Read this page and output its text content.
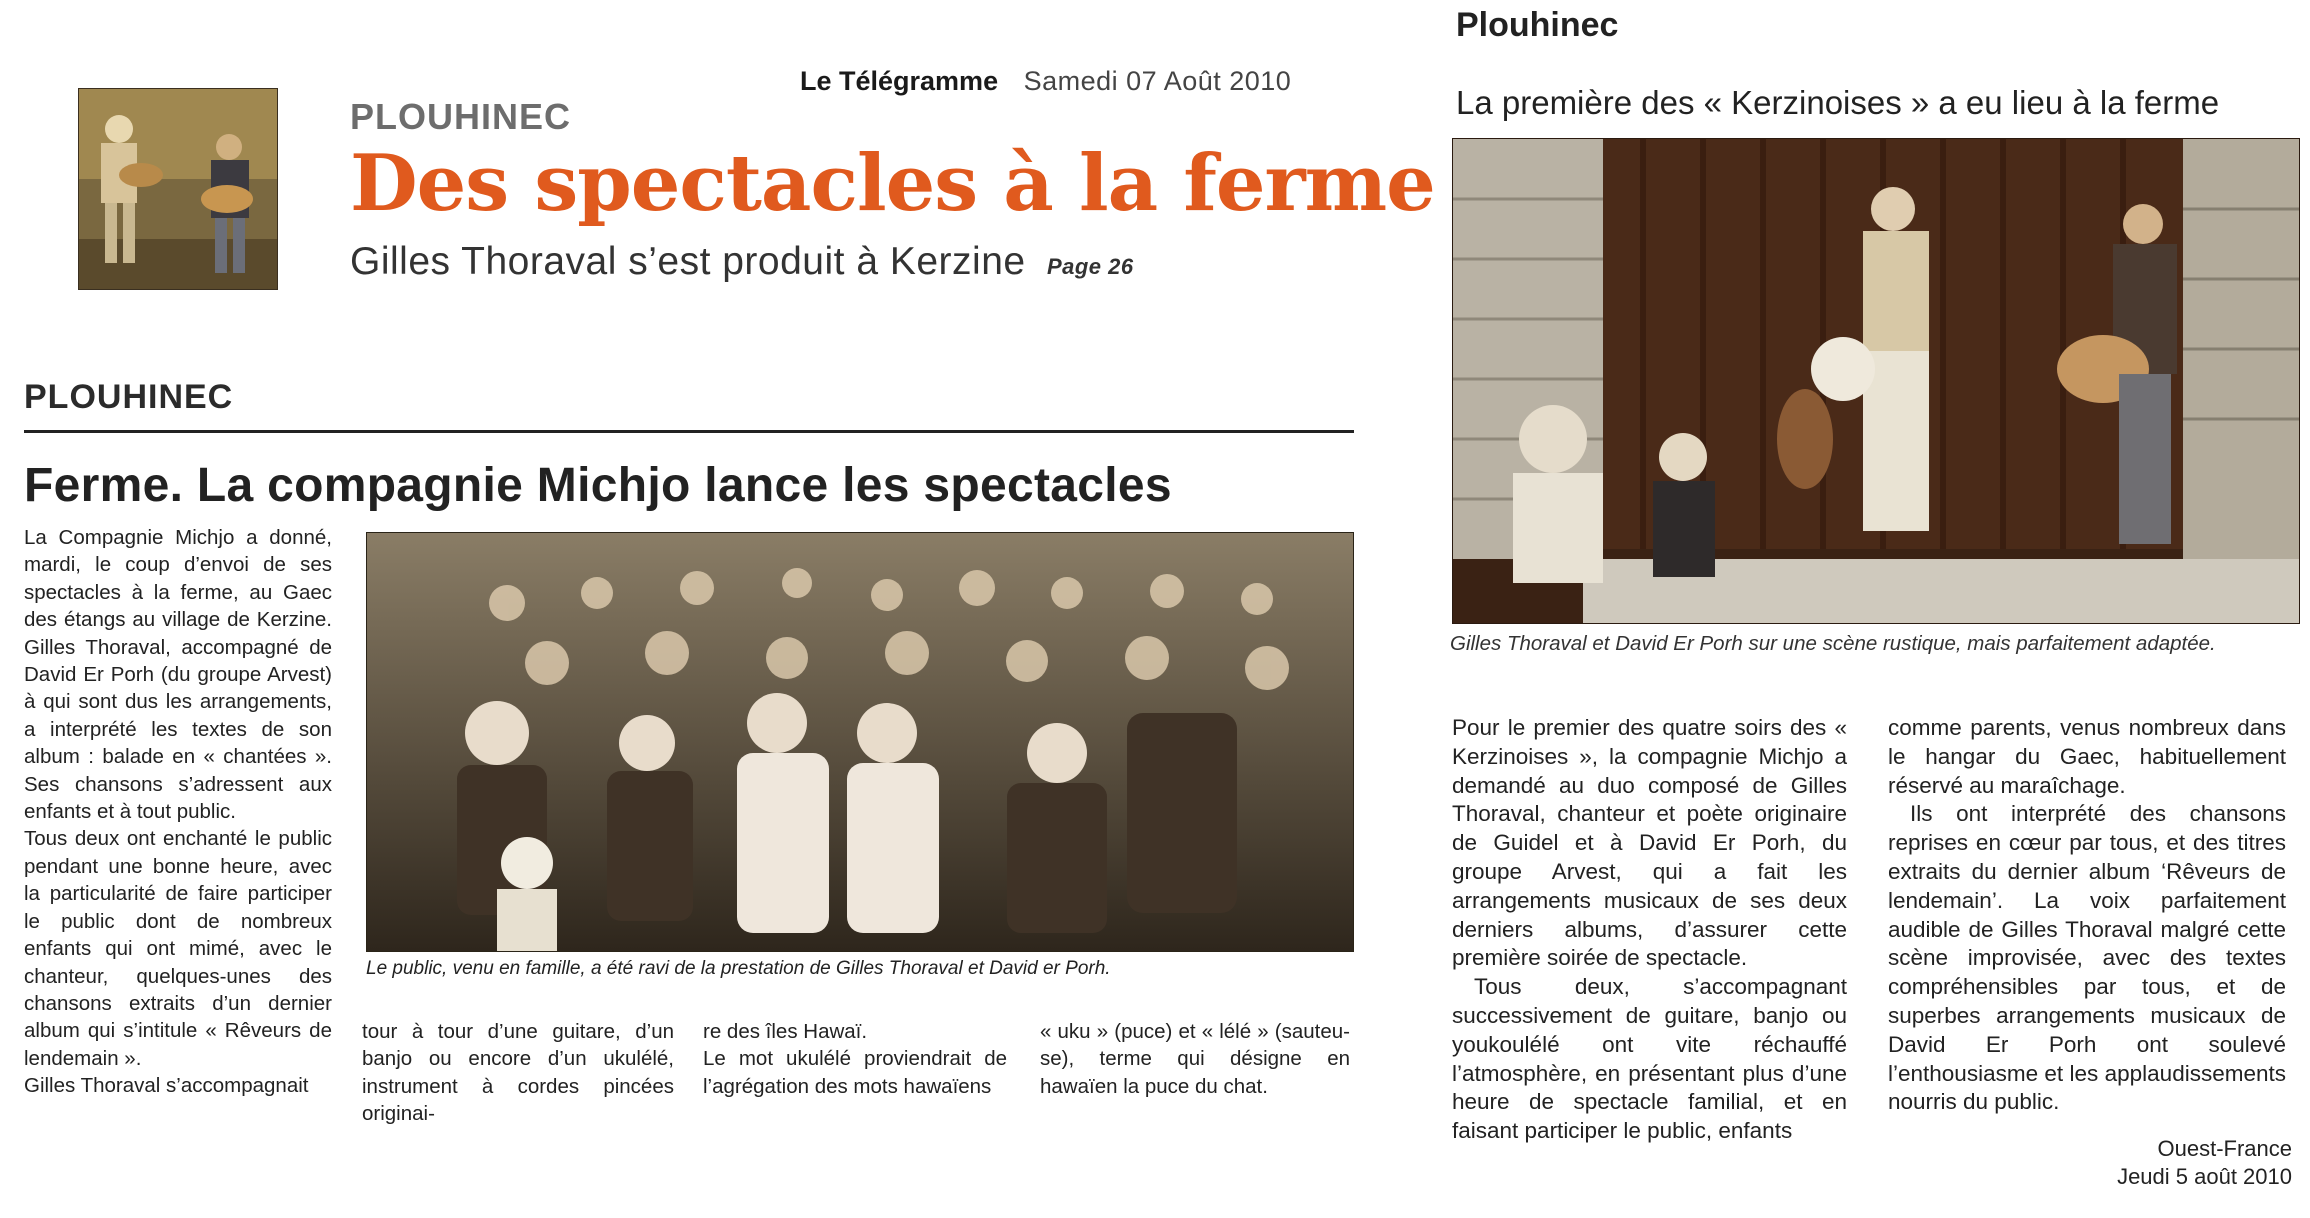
Le Télégramme Samedi 07 Août 2010
PLOUHINEC
Des spectacles à la ferme
Gilles Thoraval s’est produit à Kerzine Page 26
PLOUHINEC
Ferme. La compagnie Michjo lance les spectacles

La Compagnie Michjo a donné, mardi, le coup d’envoi de ses spectacles à la ferme, au Gaec des étangs au village de Kerzine. Gilles Thoraval, accompagné de David Er Porh (du groupe Arvest) à qui sont dus les arrangements, a interprété les textes de son album : balade en « chantées ». Ses chansons s’adressent aux enfants et à tout public.

Tous deux ont enchanté le public pendant une bonne heure, avec la particularité de faire participer le public dont de nombreux enfants qui ont mimé, avec le chanteur, quelques-unes des chansons extraits d’un dernier album qui s’intitule « Rêveurs de lendemain ».

Gilles Thoraval s’accompagnait

Le public, venu en famille, a été ravi de la prestation de Gilles Thoraval et David er Porh.

tour à tour d’une guitare, d’un banjo ou encore d’un ukulélé, instrument à cordes pincées originai-

re des îles Hawaï.

Le mot ukulélé proviendrait de l’agrégation des mots hawaïens

« uku » (puce) et « lélé » (sauteu-se), terme qui désigne en hawaïen la puce du chat.

Plouhinec
La première des « Kerzinoises » a eu lieu à la ferme
Gilles Thoraval et David Er Porh sur une scène rustique, mais parfaitement adaptée.

Pour le premier des quatre soirs des « Kerzinoises », la compagnie Michjo a demandé au duo composé de Gilles Thoraval, chanteur et poète originaire de Guidel et à David Er Porh, du groupe Arvest, qui a fait les arrangements musicaux de ses deux derniers albums, d’assurer cette première soirée de spectacle.

Tous deux, s’accompagnant successivement de guitare, banjo ou youkoulélé ont vite réchauffé l’atmosphère, en présentant plus d’une heure de spectacle familial, et en faisant participer le public, enfants

comme parents, venus nombreux dans le hangar du Gaec, habituellement réservé au maraîchage.

Ils ont interprété des chansons reprises en cœur par tous, et des titres extraits du dernier album ‘Rêveurs de lendemain’. La voix parfaitement audible de Gilles Thoraval malgré cette scène improvisée, avec des textes compréhensibles par tous, et de superbes arrangements musicaux de David Er Porh ont soulevé l’enthousiasme et les applaudissements nourris du public.

Ouest-France
Jeudi 5 août 2010
